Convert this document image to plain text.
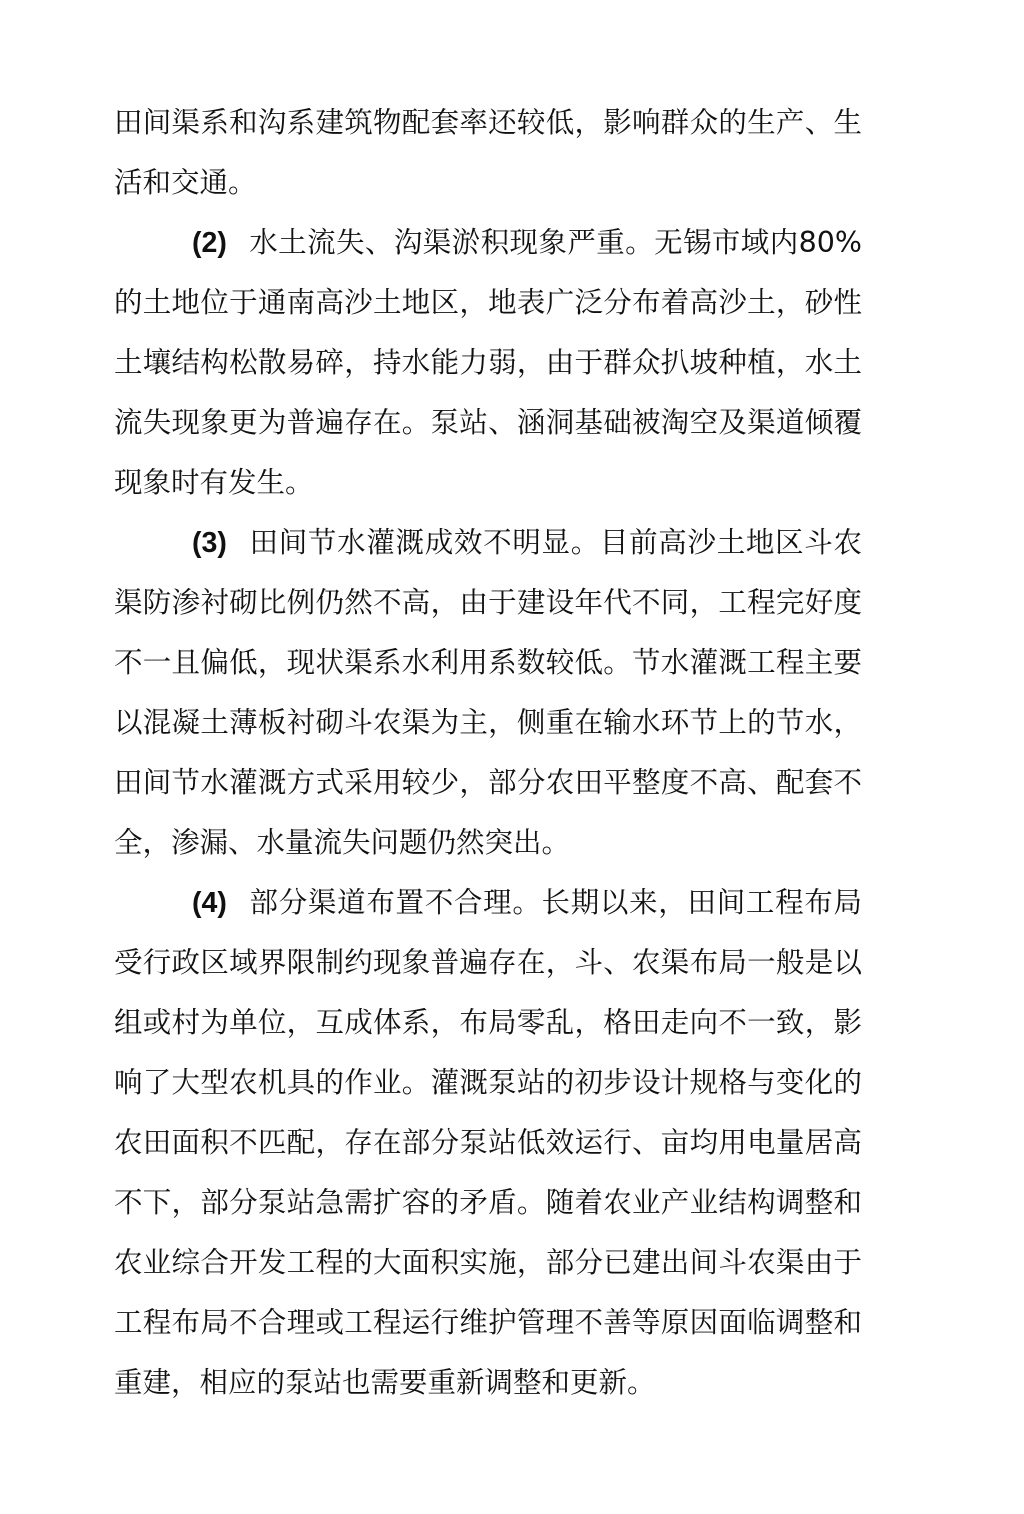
田间渠系和沟系建筑物配套率还较低，影响群众的生产、生活和交通。

(2) 水土流失、沟渠淤积现象严重。无锡市域内80%的土地位于通南高沙土地区，地表广泛分布着高沙土，砂性土壤结构松散易碎，持水能力弱，由于群众扒坡种植，水土流失现象更为普遍存在。泵站、涵洞基础被淘空及渠道倾覆现象时有发生。

(3) 田间节水灌溉成效不明显。目前高沙土地区斗农渠防渗衬砌比例仍然不高，由于建设年代不同，工程完好度不一且偏低，现状渠系水利用系数较低。节水灌溉工程主要以混凝土薄板衬砌斗农渠为主，侧重在输水环节上的节水，田间节水灌溉方式采用较少，部分农田平整度不高、配套不全，渗漏、水量流失问题仍然突出。

(4) 部分渠道布置不合理。长期以来，田间工程布局受行政区域界限制约现象普遍存在，斗、农渠布局一般是以组或村为单位，互成体系，布局零乱，格田走向不一致，影响了大型农机具的作业。灌溉泵站的初步设计规格与变化的农田面积不匹配，存在部分泵站低效运行、亩均用电量居高不下，部分泵站急需扩容的矛盾。随着农业产业结构调整和农业综合开发工程的大面积实施，部分已建出间斗农渠由于工程布局不合理或工程运行维护管理不善等原因面临调整和重建，相应的泵站也需要重新调整和更新。
